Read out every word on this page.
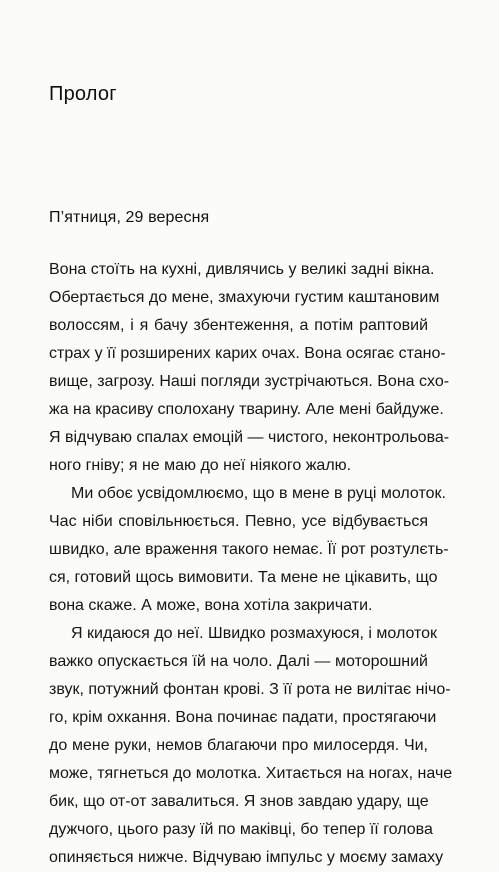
Пролог
П’ятниця, 29 вересня
Вона стоїть на кухні, дивлячись у великі задні вікна.
Обертається до мене, змахуючи густим каштановим
волоссям, і я бачу збентеження, а потім раптовий
страх у її розширених карих очах. Вона осягає стано-
вище, загрозу. Наші погляди зустрічаються. Вона схо-
жа на красиву сполохану тварину. Але мені байдуже.
Я відчуваю спалах емоцій — чистого, неконтрольова-
ного гніву; я не маю до неї ніякого жалю.
Ми обоє усвідомлюємо, що в мене в руці молоток.
Час ніби сповільнюється. Певно, усе відбувається
швидко, але враження такого немає. Її рот розтулєть-
ся, готовий щось вимовити. Та мене не цікавить, що
вона скаже. А може, вона хотіла закричати.
Я кидаюся до неї. Швидко розмахуюся, і молоток
важко опускається їй на чоло. Далі — моторошний
звук, потужний фонтан крові. З її рота не вилітає нічо-
го, крім охкання. Вона починає падати, простягаючи
до мене руки, немов благаючи про милосердя. Чи,
може, тягнеться до молотка. Хитається на ногах, наче
бик, що от-от завалиться. Я знов завдаю удару, ще
дужчого, цього разу їй по маківці, бо тепер її голова
опиняється нижче. Відчуваю імпульс у моєму замаху
